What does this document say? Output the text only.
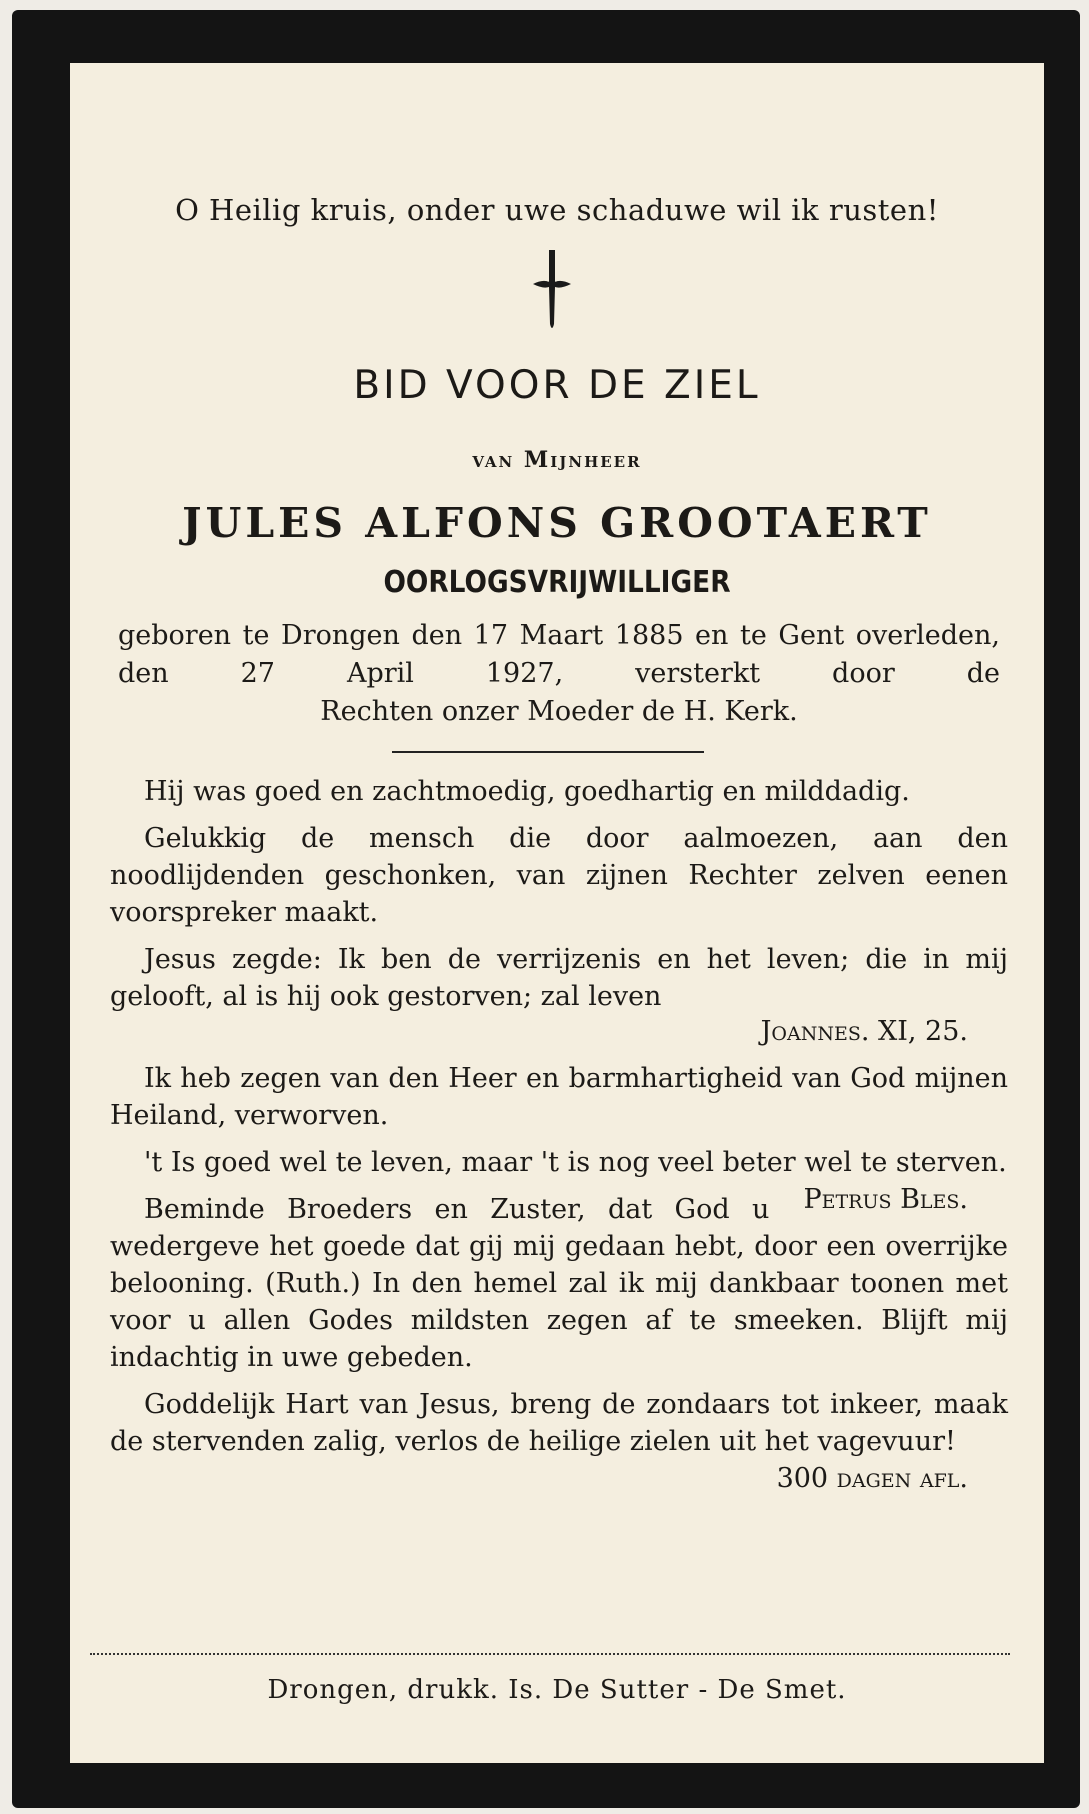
O Heilig kruis, onder uwe schaduwe wil ik rusten!
BID VOOR DE ZIEL
van Mijnheer
JULES ALFONS GROOTAERT
OORLOGSVRIJWILLIGER
geboren te Drongen den 17 Maart 1885 en te Gent overleden, den 27 April 1927, versterkt door de
Rechten onzer Moeder de H. Kerk.

Hij was goed en zachtmoedig, goedhartig en milddadig.

Gelukkig de mensch die door aalmoezen, aan den noodlijdenden geschonken, van zijnen Rechter zelven eenen voorspreker maakt.

Jesus zegde: Ik ben de verrijzenis en het leven; die in mij gelooft, al is hij ook gestorven; zal leven
Joannes. XI, 25.

Ik heb zegen van den Heer en barmhartigheid van God mijnen Heiland, verworven.

't Is goed wel te leven, maar 't is nog veel beter wel te sterven.
Petrus Bles.

Beminde Broeders en Zuster, dat God u wedergeve het goede dat gij mij gedaan hebt, door een overrijke belooning. (Ruth.) In den hemel zal ik mij dankbaar toonen met voor u allen Godes mildsten zegen af te smeeken. Blijft mij indachtig in uwe gebeden.

Goddelijk Hart van Jesus, breng de zondaars tot inkeer, maak de stervenden zalig, verlos de heilige zielen uit het vagevuur!
300 dagen afl.

Drongen, drukk. Is. De Sutter - De Smet.
